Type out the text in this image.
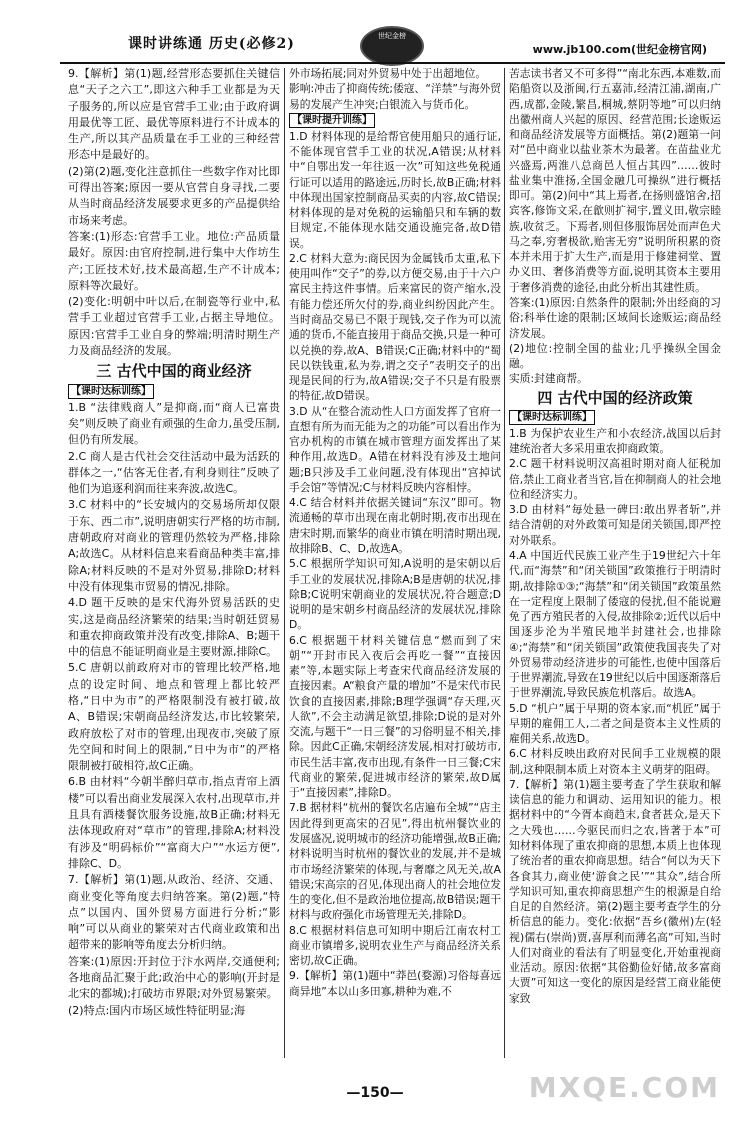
课时讲练通 历史(必修2)	世纪金榜
www.jb100.com(世纪金榜官网)

9.【解析】第(1)题,经营形态要抓住关键信息“天子之六工”,即这六种手工业都是为天子服务的,所以应是官营手工业;由于政府调用最优等工匠、最优等原料进行不计成本的生产,所以其产品质量在手工业的三种经营形态中是最好的。

(2)第(2)题,变化注意抓住一些数字作对比即可得出答案;原因一要从官营自身寻找,二要从当时商品经济发展要求更多的产品提供给市场来考虑。

答案:(1)形态:官营手工业。地位:产品质量最好。原因:由官府控制,进行集中大作坊生产;工匠技术好,技术最高超,生产不计成本;原料等次最好。

(2)变化:明朝中叶以后,在制瓷等行业中,私营手工业超过官营手工业,占据主导地位。原因:官营手工业自身的弊端;明清时期生产力及商品经济的发展。

三 古代中国的商业经济
【课时达标训练】

1.B “法律贱商人”是抑商,而“商人已富贵矣”则反映了商业有顽强的生命力,虽受压制,但仍有所发展。

2.C 商人是古代社会交往活动中最为活跃的群体之一,“估客无住者,有利身则往”反映了他们为追逐利润而往来奔波,故选C。

3.C 材料中的“长安城内的交易场所却仅限于东、西二市”,说明唐朝实行严格的坊市制,唐朝政府对商业的管理仍然较为严格,排除A;故选C。从材料信息来看商品种类丰富,排除A;材料反映的不是对外贸易,排除D;材料中没有体现集市贸易的情况,排除。

4.D 题干反映的是宋代海外贸易活跃的史实,这是商品经济繁荣的结果;当时朝廷贸易和重农抑商政策并没有改变,排除A、B;题干中的信息不能证明商业是主要财源,排除C。

5.C 唐朝以前政府对市的管理比较严格,地点的设定时间、地点和管理上都比较严格,“日中为市”的严格限制没有被打破,故A、B错误;宋朝商品经济发达,市比较繁荣,政府放松了对市的管理,出现夜市,突破了原先空间和时间上的限制,“日中为市”的严格限制被打破相符,故C正确。

6.B 由材料“今朝半醉归草市,指点青帘上酒楼”可以看出商业发展深入农村,出现草市,并且具有酒楼餐饮服务设施,故B正确;材料无法体现政府对“草市”的管理,排除A;材料没有涉及“明码标价”“富商大户”“水运方便”,排除C、D。

7.【解析】第(1)题,从政治、经济、交通、商业变化等角度去归纳答案。第(2)题,“特点”以国内、国外贸易方面进行分析;“影响”可以从商业的繁荣对古代商业政策和出超带来的影响等角度去分析归纳。

答案:(1)原因:开封位于汴水两岸,交通便利;各地商品汇聚于此;政治中心的影响(开封是北宋的都城);打破坊市界限;对外贸易繁荣。

(2)特点:国内市场区域性特征明显;海

外市场拓展;同对外贸易中处于出超地位。

影响:冲击了抑商传统;倭寇、“洋禁”与海外贸易的发展产生冲突;白银流入与货币化。

【课时提升训练】

1.D 材料体现的是给帮官使用船只的通行证,不能体现官营手工业的状况,A错误;从材料中“自鄂出发一年往返一次”可知这些免税通行证可以适用的路途远,历时长,故B正确;材料中体现出国家控制商品买卖的内容,故C错误;材料体现的是对免税的运输船只和车辆的数目规定,不能体现水陆交通设施完备,故D错误。

2.C 材料大意为:商民因为金属钱币太重,私下使用叫作“交子”的券,以方便交易,由于十六户富民主持这件事情。后来富民的资产缩水,没有能力偿还所欠付的券,商业纠纷因此产生。当时商品交易已不限于现钱,交子作为可以流通的货币,不能直接用于商品交换,只是一种可以兑换的券,故A、B错误;C正确;材料中的“蜀民以铁钱重,私为券,谓之交子”表明交子的出现是民间的行为,故A错误;交子不只是有股票的特征,故D错误。

3.D 从“在整合流动性人口方面发挥了官府一直想有所为而无能为之的功能”可以看出作为官办机构的市镇在城市管理方面发挥出了某种作用,故选D。A错在材料没有涉及土地问题;B只涉及手工业问题,没有体现出“宫掉试手会馆”等情况;C与材料反映内容相悖。

4.C 结合材料并依据关键词“东汉”即可。物流通畅的草市出现在南北朝时期,夜市出现在唐宋时期,而繁华的商业市镇在明清时期出现,故排除B、C、D,故选A。

5.C 根据所学知识可知,A说明的是宋朝以后手工业的发展状况,排除A;B是唐朝的状况,排除B;C说明宋朝商业的发展状况,符合题意;D说明的是宋朝乡村商品经济的发展状况,排除D。

6.C 根据题干材料关键信息“燃而到了宋朝”“开封市民入夜后会再吃一餐”“直接因素”等,本题实际上考查宋代商品经济发展的直接因素。A“粮食产量的增加”不是宋代市民饮食的直接因素,排除;B理学强调“存天理,灭人欲”,不会主动满足欲望,排除;D说的是对外交流,与题干“一日三餐”的习俗明显不相关,排除。因此C正确,宋朝经济发展,相对打破坊市,市民生活丰富,夜市出现,有条件一日三餐;C宋代商业的繁荣,促进城市经济的繁荣,故D属于“直接因素”,排除D。

7.B 据材料“杭州的餐饮名店遍布全城”“店主因此得到更高宋的召见”,得出杭州餐饮业的发展盛况,说明城市的经济功能增强,故B正确;材料说明当时杭州的餐饮业的发展,并不是城市市场经济繁荣的体现,与奢靡之风无关,故A错误;宋高宗的召见,体现出商人的社会地位发生的变化,但不是政治地位提高,故B错误;题干材料与政府强化市场管理无关,排除D。

8.C 根据材料信息可知明中期后江南农村工商业市镇增多,说明农业生产与商品经济关系密切,故C正确。

9.【解析】第(1)题中“莽邑(婺源)习俗每喜远商异地”本以山多田寡,耕种为难,不

苦志读书者又不可多得”“南北东西,本难数,而陷船资以及浙闽,行五嘉沛,经清江浦,湖南,广西,成都,金陵,繁昌,桐城,蔡阴等地”可以归纳出徽州商人兴起的原因、经营范围;长途贩运和商品经济发展等方面概括。第(2)题第一问对“邑中商业以盐业茶木为最著。在苗盐业尤兴盛焉,两淮八总商邑人恒占其四”……彼时盐业集中淮扬,全国金融几可操纵”进行概括即可。第(2)问中“其上焉者,在扬则盛馆舍,招宾客,修饰文采,在歙则扩祠宇,置义田,敬宗睦族,收贫乏。下焉者,则但侈服饰居处而声色犬马之奉,穷奢极欲,贻害无穷”说明所积累的资本并未用于扩大生产,而是用于修建祠堂、置办义田、奢侈消费等方面,说明其资本主要用于奢侈消费的途径,由此分析出其建性质。

答案:(1)原因:自然条件的限制;外出经商的习俗;科举仕途的限制;区域间长途贩运;商品经济发展。

(2)地位:控制全国的盐业;几乎操纵全国金融。

实质:封建商帮。

四 古代中国的经济政策
【课时达标训练】

1.B 为保护农业生产和小农经济,战国以后封建统治者大多采用重农抑商政策。

2.C 题干材料说明汉高祖时期对商人征税加倍,禁止工商业者当官,旨在抑制商人的社会地位和经济实力。

3.D 由材料“毎处悬一碑曰:敢出界者斩”,并结合清朝的对外政策可知是闭关锁国,即严控对外联系。

4.A 中国近代民族工业产生于19世纪六十年代,而“海禁”和“闭关锁国”政策推行于明清时期,故排除①③;“海禁”和“闭关锁国”政策虽然在一定程度上限制了倭寇的侵扰,但不能说避免了西方殖民者的入侵,故排除②;近代以后中国逐步沦为半殖民地半封建社会,也排除④;“海禁”和“闭关锁国”政策使我国丧失了对外贸易带动经济进步的可能性,也使中国落后于世界潮流,导致在19世纪以后中国逐渐落后于世界潮流,导致民族危机落后。故选A。

5.D “机户”属于早期的资本家,而“机匠”属于早期的雇佣工人,二者之间是资本主义性质的雇佣关系,故选D。

6.C 材料反映出政府对民间手工业规模的限制,这种限制本质上对资本主义萌芽的阻碍。

7.【解析】第(1)题主要考查了学生获取和解读信息的能力和调动、运用知识的能力。根据材料中的“今胥本商趋末,食者甚众,是天下之大残也……今驱民而归之农,皆著于本”可知材料体现了重农抑商的思想,本质上也体现了统治者的重农抑商思想。结合“何以为天下各食其力,商业使‘游食之民’”“其众”,结合所学知识可知,重农抑商思想产生的根源是自给自足的自然经济。第(2)题主要考查学生的分析信息的能力。变化:依据“吾乡(徽州)左(轻视)儒右(崇尚)贾,喜厚利而薄名高”可知,当时人们对商业的看法有了明显变化,开始重视商业活动。原因:依据“其俗勤俭好储,故多富商大贾”可知这一变化的原因是经营工商业能使家致

—150—	MXQE.COM
